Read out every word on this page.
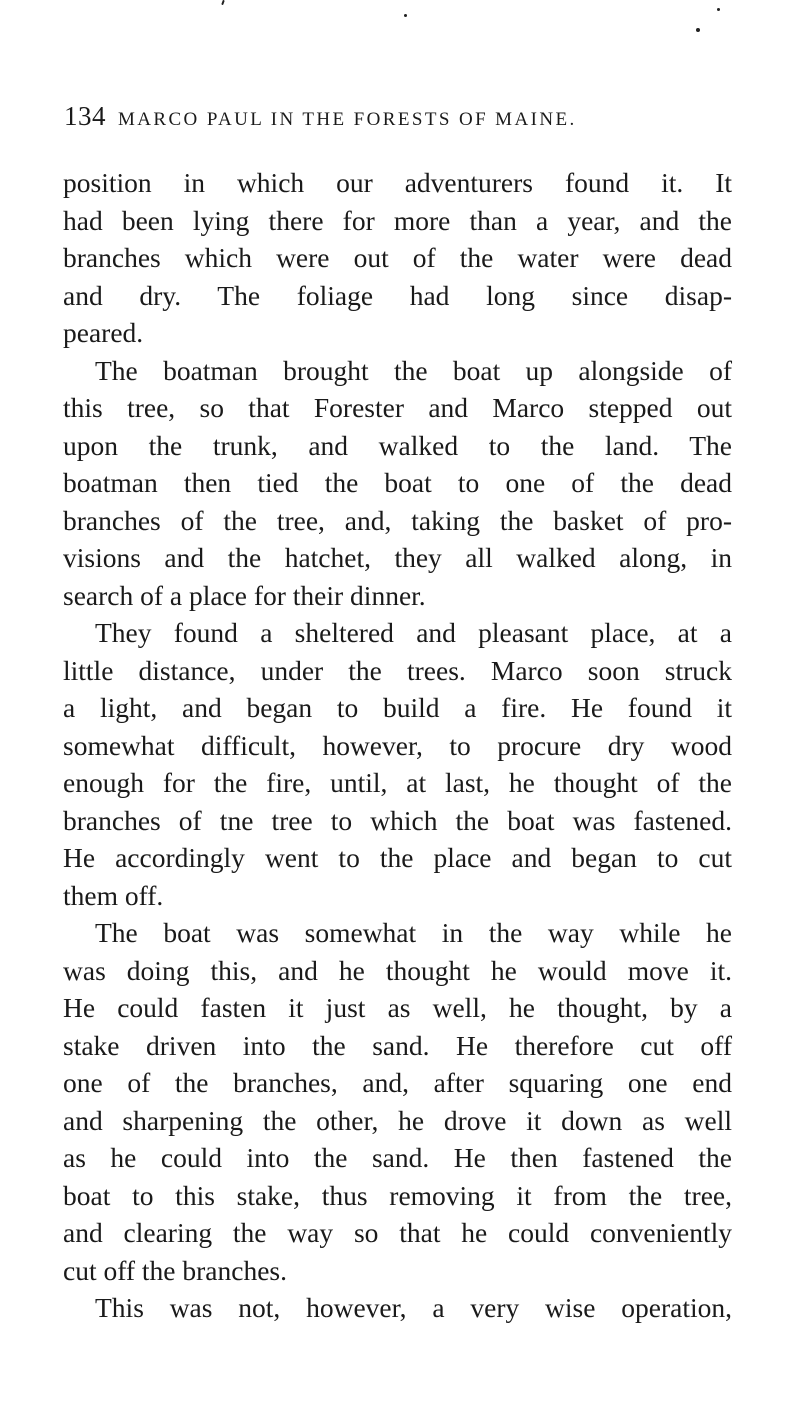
134 MARCO PAUL IN THE FORESTS OF MAINE.
position in which our adventurers found it. It
had been lying there for more than a year, and the
branches which were out of the water were dead
and dry. The foliage had long since disap-
peared.
The boatman brought the boat up alongside of
this tree, so that Forester and Marco stepped out
upon the trunk, and walked to the land. The
boatman then tied the boat to one of the dead
branches of the tree, and, taking the basket of pro-
visions and the hatchet, they all walked along, in
search of a place for their dinner.
They found a sheltered and pleasant place, at a
little distance, under the trees. Marco soon struck
a light, and began to build a fire. He found it
somewhat difficult, however, to procure dry wood
enough for the fire, until, at last, he thought of the
branches of tne tree to which the boat was fastened.
He accordingly went to the place and began to cut
them off.
The boat was somewhat in the way while he
was doing this, and he thought he would move it.
He could fasten it just as well, he thought, by a
stake driven into the sand. He therefore cut off
one of the branches, and, after squaring one end
and sharpening the other, he drove it down as well
as he could into the sand. He then fastened the
boat to this stake, thus removing it from the tree,
and clearing the way so that he could conveniently
cut off the branches.
This was not, however, a very wise operation,
